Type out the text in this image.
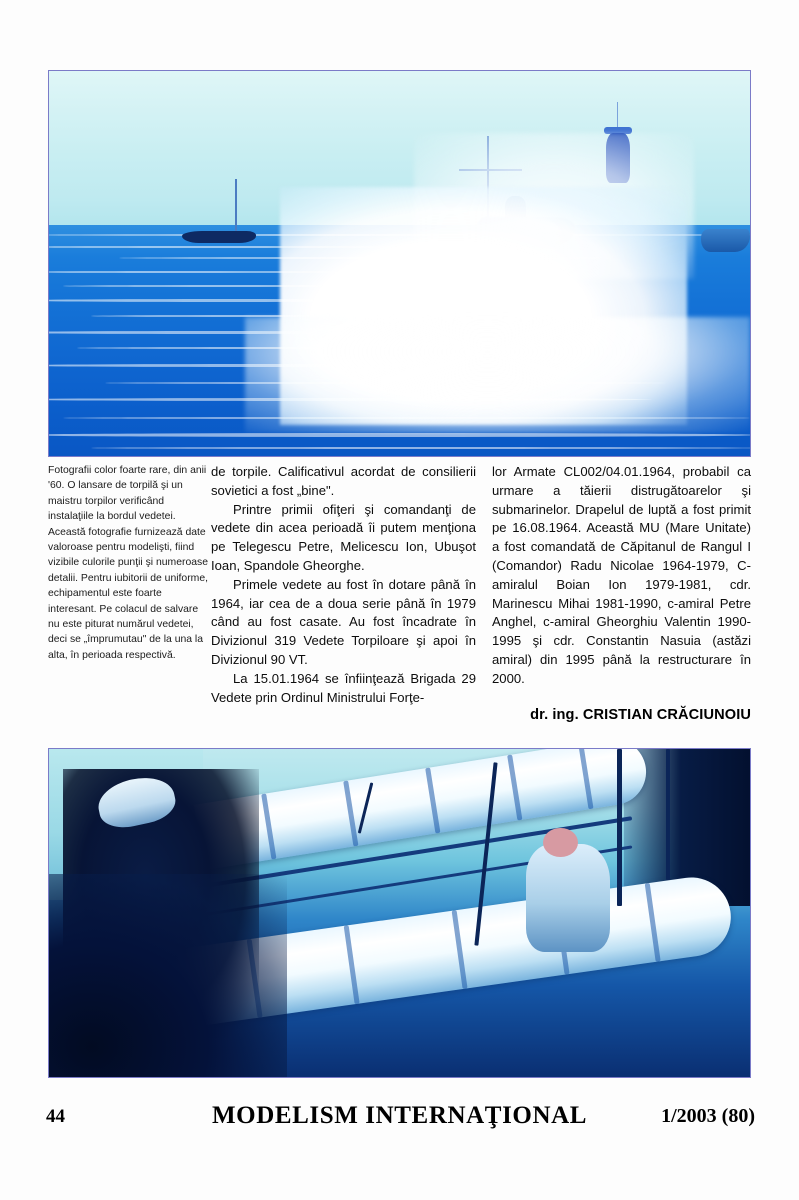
Fotografii color foarte rare, din anii '60. O lansare de torpilă şi un maistru torpilor verificând instalaţiile la bordul vedetei. Această fotografie furnizează date valoroase pentru modelişti, fiind vizibile culorile punţii şi numeroase detalii. Pentru iubitorii de uniforme, echipamentul este foarte interesant. Pe colacul de salvare nu este piturat numărul vedetei, deci se „împrumutau" de la una la alta, în perioada respectivă.

de torpile. Calificativul acordat de consilierii sovietici a fost „bine".

Printre primii ofiţeri şi comandanţi de vedete din acea perioadă îi putem menţiona pe Telegescu Petre, Melicescu Ion, Ubuşot Ioan, Spandole Gheorghe.

Primele vedete au fost în dotare până în 1964, iar cea de a doua serie până în 1979 când au fost casate. Au fost încadrate în Divizionul 319 Vedete Torpiloare şi apoi în Divizionul 90 VT.

La 15.01.1964 se înfiinţează Brigada 29 Vedete prin Ordinul Ministrului Forţe-

lor Armate CL002/04.01.1964, probabil ca urmare a tăierii distrugătoarelor şi submarinelor. Drapelul de luptă a fost primit pe 16.08.1964. Această MU (Mare Unitate) a fost comandată de Căpitanul de Rangul I (Comandor) Radu Nicolae 1964-1979, C-amiralul Boian Ion 1979-1981, cdr. Marinescu Mihai 1981-1990, c-amiral Petre Anghel, c-amiral Gheorghiu Valentin 1990-1995 şi cdr. Constantin Nasuia (astăzi amiral) din 1995 până la restructurare în 2000.

dr. ing. CRISTIAN CRĂCIUNOIU
44	MODELISM INTERNAŢIONAL	1/2003 (80)
